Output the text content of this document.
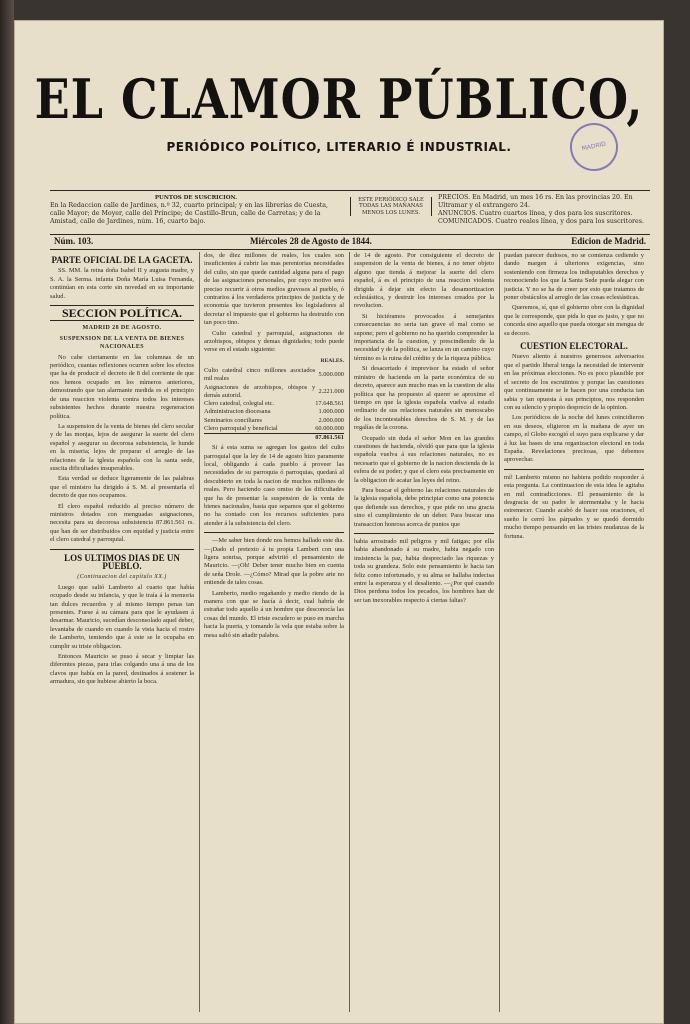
EL CLAMOR PÚBLICO,
PERIÓDICO POLÍTICO, LITERARIO É INDUSTRIAL.	MADRID
PUNTOS DE SUSCRICION.
En la Redaccion calle de Jardines, n.º 32, cuarto principal; y en las librerías de Cuesta, calle Mayor; de Moyer, calle del Príncipe; de Castillo-Brun, calle de Carretas; y de la Amistad, calle de Jardines, núm. 16, cuarto bajo.
ESTE PERIÓDICO SALE TODAS LAS MAÑANAS MENOS LOS LUNES.
PRECIOS. En Madrid, un mes 16 rs. En las provincias 20. En Ultramar y el extrangero 24.
ANUNCIOS. Cuatro cuartos línea, y dos para los suscritores.
COMUNICADOS. Cuatro reales línea, y dos para los suscritores.
Núm. 103.	Miércoles 28 de Agosto de 1844.	Edicion de Madrid.
PARTE OFICIAL DE LA GACETA.

SS. MM. la reina doña Isabel II y augusta madre, y S. A. la Serma. infanta Doña María Luisa Fernanda, continúan en esta corte sin novedad en su importante salud.

SECCION POLÍTICA.
MADRID 28 DE AGOSTO.
SUSPENSION DE LA VENTA DE BIENES NACIONALES

No cabe ciertamente en las columnas de un periódico, cuantas reflexiones ocurren sobre los efectos que ha de producir el decreto de 8 del corriente de que nos hemos ocupado en los números anteriores, demostrando que tan alarmante medida es el principio de una reaccion violenta contra todos los intereses subsistentes hechos durante nuestra regeneracion política.

La suspension de la venta de bienes del clero secular y de las monjas, lejos de asegurar la suerte del clero español y asegurar su decorosa subsistencia, le hunde en la miseria; lejos de preparar el arreglo de las relaciones de la iglesia española con la santa sede, suscita dificultades insuperables.

Esta verdad se deduce ligeramente de las palabras que el ministro ha dirigido á S. M. al presentarla el decreto de que nos ocupamos.

El clero español reducido al preciso número de ministros dotados con menguadas asignaciones, necesita para su decorosa subsistencia 87.861.561 rs. que han de ser distribuidos con equidad y justicia entre el clero catedral y parroquial.

LOS ULTIMOS DIAS DE UN PUEBLO.
(Continuacion del capítulo XX.)

Luego que salió Lamberto al cuarto que había ocupado desde su infancia, y que le traía á la memoria tan dulces recuerdos y al mismo tiempo penas tan presentes. Fuese á su cámara para que le ayudasen á desarmar. Mauricio, sucedían desconsolado aquel deber, levantaba de cuando en cuando la vista hacia el rostro de Lamberto, temiendo que á este se le ocupaba en cumplir su triste obligacion.

Entonces Mauricio se puso á secar y limpiar las diferentes piezas, para irlas colgando una á una de los clavos que había en la pared, destinados á sostener la armadura, sin que hubiese abierto la boca.

dos, de diez millones de reales, los cuales son insuficientes á cubrir las mas perentorias necesidades del culto, sin que quede cantidad alguna para el pago de las asignaciones personales, por cuyo motivo será preciso recurrir á otros medios gravosos al pueblo, ó contrarios á los verdaderos principios de justicia y de economía que tuvieron presentes los legisladores al decretar el impuesto que el gobierno ha destruido con tan poco tino.

Culto catedral y parroquial, asignaciones de arzobispos, obispos y demas dignidades; todo puede verse en el estado siguiente:

REALES.
Culto catedral cinco millones asociados mil reales	5.000.000
Asignaciones de arzobispos, obispos y demás autorid.	2.221.000
Clero catedral, colegial etc.	17.648.561
Administracion diocesana	1.000.000
Seminarios conciliares	2.000.000
Clero parroquial y beneficial	60.000.000
	87.861.561

Si á esta suma se agregan los gastos del culto parroquial que la ley de 14 de agosto hizo paramente local, obligando á cada pueblo á proveer las necesidades de su parroquia ó parroquias, quedará al descubierto en toda la nacion de muchos millones de reales. Pero haciendo caso omiso de las dificultades que ha de presentar la suspension de la venta de bienes nacionales, basta que sepamos que el gobierno no ha contado con los recursos suficientes para atender á la subsistencia del clero.

—Me saber bien donde nos hemos hallado este dia. —¡Dado el pretexto á tu propia Lambert con una ligera sonrisa, porque advirtió el pensamiento de Mauricio. —¡Oh! Deber tener mucho bien en cuenta de seña Drole. —¿Cómo? Mirad que la pobre arte no entiende de tales cosas.

Lamberto, medio regañando y medio riendo de la manera con que se hacía á decir, cual habría de estrañar todo aquello á un hombre que desconocía las cosas del mundo. El triste escudero se puso en marcha hacia la puerta, y tomando la vela que estaba sobre la mesa salió sin añadir palabra.

de 14 de agosto. Por consiguiente el decreto de suspension de la venta de bienes, á no tener objeto alguno que tienda á mejorar la suerte del clero español, á es el principio de una reaccion violenta dirigida á dejar sin efecto la desamortizacion eclesiástica, y destruir los intereses creados por la revolucion.

Si hiciéramos provocados á semejantes consecuencias no seria tan grave el mal como se supone; pero el gobierno no ha querido comprender la importancia de la cuestion, y prescindiendo de la necesidad y de la política, se lanza en un camino cuyo término es la ruina del crédito y de la riqueza pública.

Si desacertado é imprevisor ha estado el señor ministro de hacienda en la parte económica de su decreto, aparece aun mucho mas en la cuestion de alta política que ha propuesto al querer se aproxime el tiempo en que la iglesia española vuelva al estado ordinario de sus relaciones naturales sin menoscabo de los incontestables derechos de S. M. y de las regalías de la corona.

Ocupado sin duda el señor Mon en las grandes cuestiones de hacienda, olvidó que para que la iglesia española vuelva á sus relaciones naturales, no es necesario que el gobierno de la nacion descienda de la esfera de su poder; y que el clero esta precisamente en la obligacion de acatar las leyes del reino.

Para buscar el gobierno las relaciones naturales de la iglesia española, debe principiar como una potencia que defiende sus derechos, y que pide no una gracia sino el cumplimiento de un deber. Para buscar una transaccion honrosa acerca de puntos que

habia arrostrado mil peligros y mil fatigas; por ella habia abandonado á su madre, habia negado con insistencia la paz, habia despreciado las riquezas y toda su grandeza. Solo este pensamiento le hacia tan feliz como infortunado, y su alma se hallaba indecisa entre la esperanza y el desaliento. —¿Por qué cuando Dios perdona todos los pecados, los hombres han de ser tan inexorables respecto á ciertas faltas?

puedan parecer dudosos, no se comienza cediendo y dando margen á ulteriores exigencias, sino sosteniendo con firmeza los indisputables derechos y reconociendo los que la Santa Sede pueda alegar con justicia. Y no se ha de creer por esto que tratamos de poner obstáculos al arreglo de las cosas eclesiásticas.

Queremos, sí, que el gobierno obre con la dignidad que le corresponde, que pida lo que es justo, y que no conceda sino aquello que pueda otorgar sin mengua de su decoro.

CUESTION ELECTORAL.

Nuevo aliento á nuestros generosos adversarios que el partido liberal tenga la necesidad de intervenir en las próximas elecciones. No es poco plausible por el secreto de los escrutinios y porque las cuestiones que continuamente se le hacen por una conducta tan sabia y tan opuesta á sus principios, nos responden con su silencio y propio desprecio de la opinion.

Los periódicos de la noche del lunes coincidieron en sus deseos, eligieron en la mañana de ayer un campo, el Globo escogió el suyo para explicarse y dar á luz las bases de una organizacion electoral en toda España. Revelaciones preciosas, que debemos aprovechar.

mí! Lamberto mismo no habiera podido responder á esta pregunta. La continuacion de esta idea le agitaba en mil contradicciones. El pensamiento de la desgracia de su padre le atormentaba y le hacia estremecer. Cuando acabó de hacer sus oraciones, el sueño le cerró los párpados y se quedó dormido mucho tiempo pensando en las tristes mudanzas de la fortuna.
